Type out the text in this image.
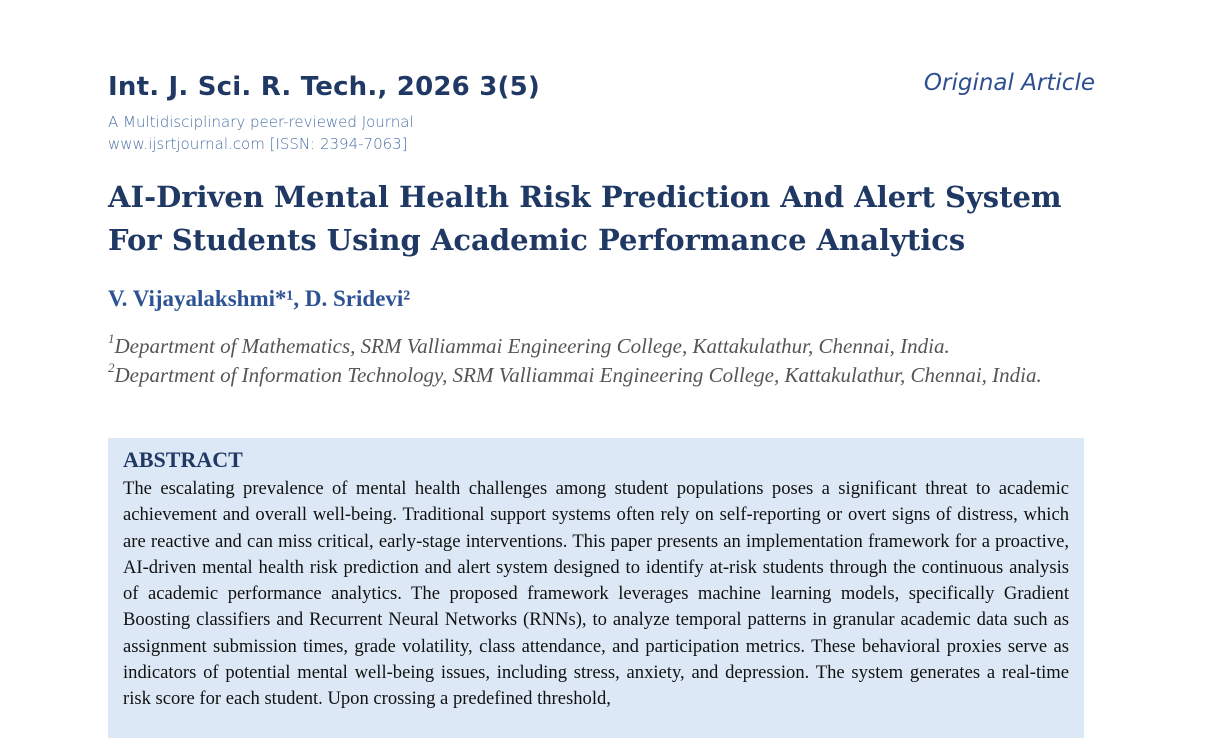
Int. J. Sci. R. Tech., 2026 3(5)	Original Article
A Multidisciplinary peer-reviewed Journal
www.ijsrtjournal.com [ISSN: 2394-7063]
AI-Driven Mental Health Risk Prediction And Alert System For Students Using Academic Performance Analytics
V. Vijayalakshmi*¹, D. Sridevi²
$^1$Department of Mathematics, SRM Valliammai Engineering College, Kattakulathur, Chennai, India.
$^2$Department of Information Technology, SRM Valliammai Engineering College, Kattakulathur, Chennai, India.
ABSTRACT

The escalating prevalence of mental health challenges among student populations poses a significant threat to academic achievement and overall well-being. Traditional support systems often rely on self-reporting or overt signs of distress, which are reactive and can miss critical, early-stage interventions. This paper presents an implementation framework for a proactive, AI-driven mental health risk prediction and alert system designed to identify at-risk students through the continuous analysis of academic performance analytics. The proposed framework leverages machine learning models, specifically Gradient Boosting classifiers and Recurrent Neural Networks (RNNs), to analyze temporal patterns in granular academic data such as assignment submission times, grade volatility, class attendance, and participation metrics. These behavioral proxies serve as indicators of potential mental well-being issues, including stress, anxiety, and depression. The system generates a real-time risk score for each student. Upon crossing a predefined threshold,
